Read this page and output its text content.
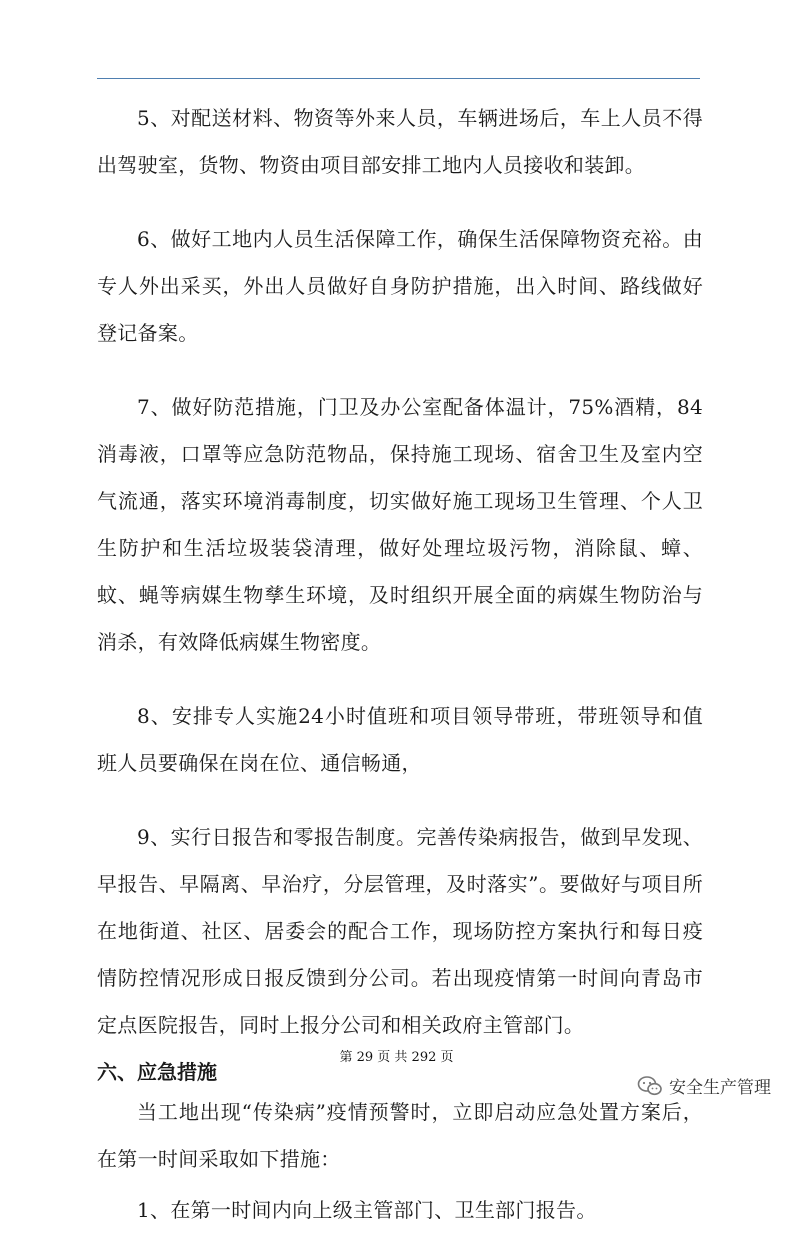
5、对配送材料、物资等外来人员，车辆进场后，车上人员不得出驾驶室，货物、物资由项目部安排工地内人员接收和装卸。

6、做好工地内人员生活保障工作，确保生活保障物资充裕。由专人外出采买，外出人员做好自身防护措施，出入时间、路线做好登记备案。

7、做好防范措施，门卫及办公室配备体温计，75%酒精，84消毒液，口罩等应急防范物品，保持施工现场、宿舍卫生及室内空气流通，落实环境消毒制度，切实做好施工现场卫生管理、个人卫生防护和生活垃圾装袋清理，做好处理垃圾污物，消除鼠、蟑、蚊、蝇等病媒生物孳生环境，及时组织开展全面的病媒生物防治与消杀，有效降低病媒生物密度。

8、安排专人实施24小时值班和项目领导带班，带班领导和值班人员要确保在岗在位、通信畅通，

9、实行日报告和零报告制度。完善传染病报告，做到早发现、早报告、早隔离、早治疗，分层管理，及时落实”。要做好与项目所在地街道、社区、居委会的配合工作，现场防控方案执行和每日疫情防控情况形成日报反馈到分公司。若出现疫情第一时间向青岛市定点医院报告，同时上报分公司和相关政府主管部门。

六、应急措施

当工地出现“传染病”疫情预警时，立即启动应急处置方案后，在第一时间采取如下措施：

1、在第一时间内向上级主管部门、卫生部门报告。

第 29 页 共 292 页
安全生产管理
